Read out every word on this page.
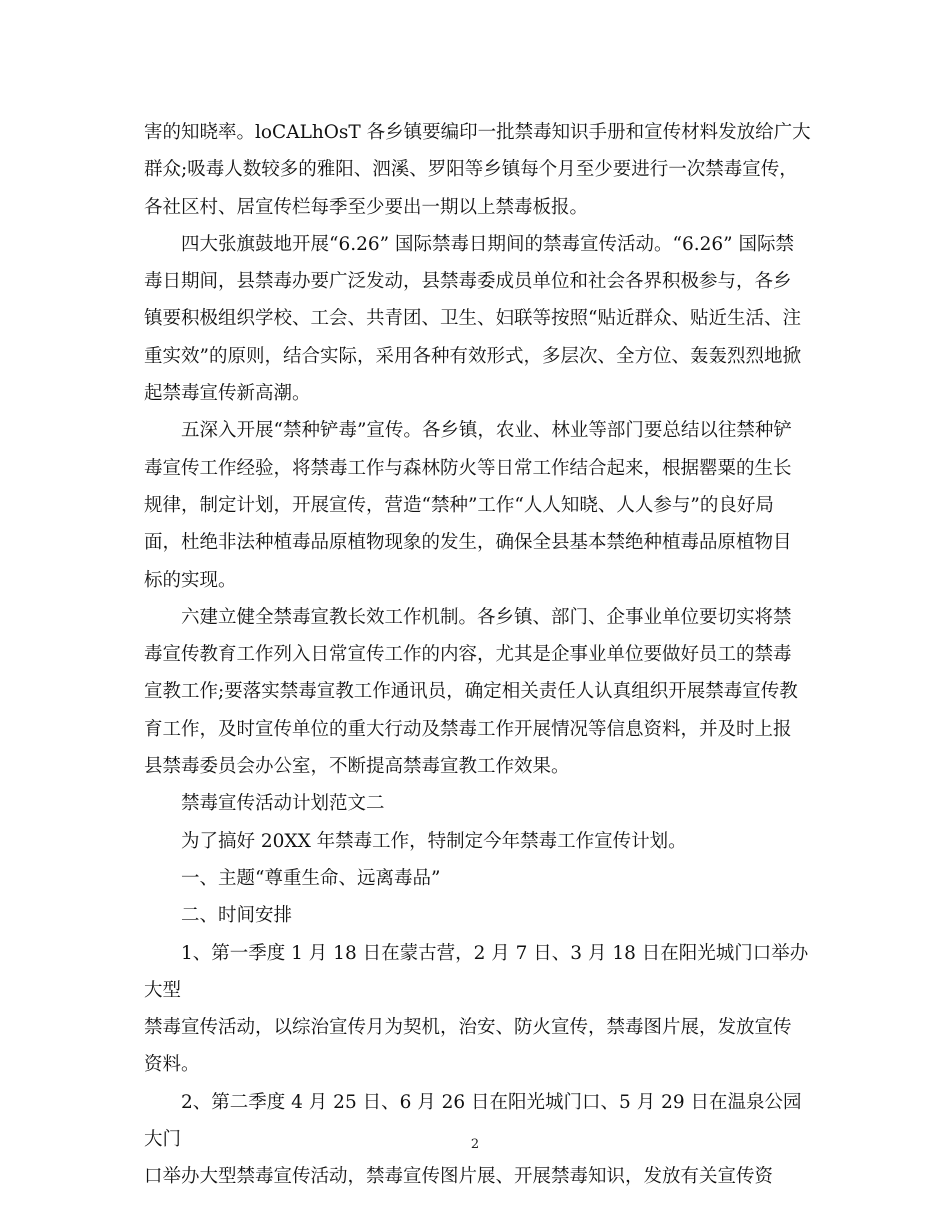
害的知晓率。loCALhOsT 各乡镇要编印一批禁毒知识手册和宣传材料发放给广大
群众;吸毒人数较多的雅阳、泗溪、罗阳等乡镇每个月至少要进行一次禁毒宣传，
各社区村、居宣传栏每季至少要出一期以上禁毒板报。

四大张旗鼓地开展“6.26” 国际禁毒日期间的禁毒宣传活动。“6.26” 国际禁
毒日期间，县禁毒办要广泛发动，县禁毒委成员单位和社会各界积极参与，各乡
镇要积极组织学校、工会、共青团、卫生、妇联等按照“贴近群众、贴近生活、注
重实效”的原则，结合实际，采用各种有效形式，多层次、全方位、轰轰烈烈地掀
起禁毒宣传新高潮。

五深入开展“禁种铲毒”宣传。各乡镇，农业、林业等部门要总结以往禁种铲
毒宣传工作经验，将禁毒工作与森林防火等日常工作结合起来，根据罂粟的生长
规律，制定计划，开展宣传，营造“禁种”工作“人人知晓、人人参与”的良好局
面，杜绝非法种植毒品原植物现象的发生，确保全县基本禁绝种植毒品原植物目
标的实现。

六建立健全禁毒宣教长效工作机制。各乡镇、部门、企事业单位要切实将禁
毒宣传教育工作列入日常宣传工作的内容，尤其是企事业单位要做好员工的禁毒
宣教工作;要落实禁毒宣教工作通讯员，确定相关责任人认真组织开展禁毒宣传教
育工作，及时宣传单位的重大行动及禁毒工作开展情况等信息资料，并及时上报
县禁毒委员会办公室，不断提高禁毒宣教工作效果。

禁毒宣传活动计划范文二

为了搞好 20XX 年禁毒工作，特制定今年禁毒工作宣传计划。

一、主题“尊重生命、远离毒品”

二、时间安排

1、第一季度 1 月 18 日在蒙古营，2 月 7 日、3 月 18 日在阳光城门口举办大型
禁毒宣传活动，以综治宣传月为契机，治安、防火宣传，禁毒图片展，发放宣传
资料。

2、第二季度 4 月 25 日、6 月 26 日在阳光城门口、5 月 29 日在温泉公园大门
口举办大型禁毒宣传活动，禁毒宣传图片展、开展禁毒知识，发放有关宣传资

2
